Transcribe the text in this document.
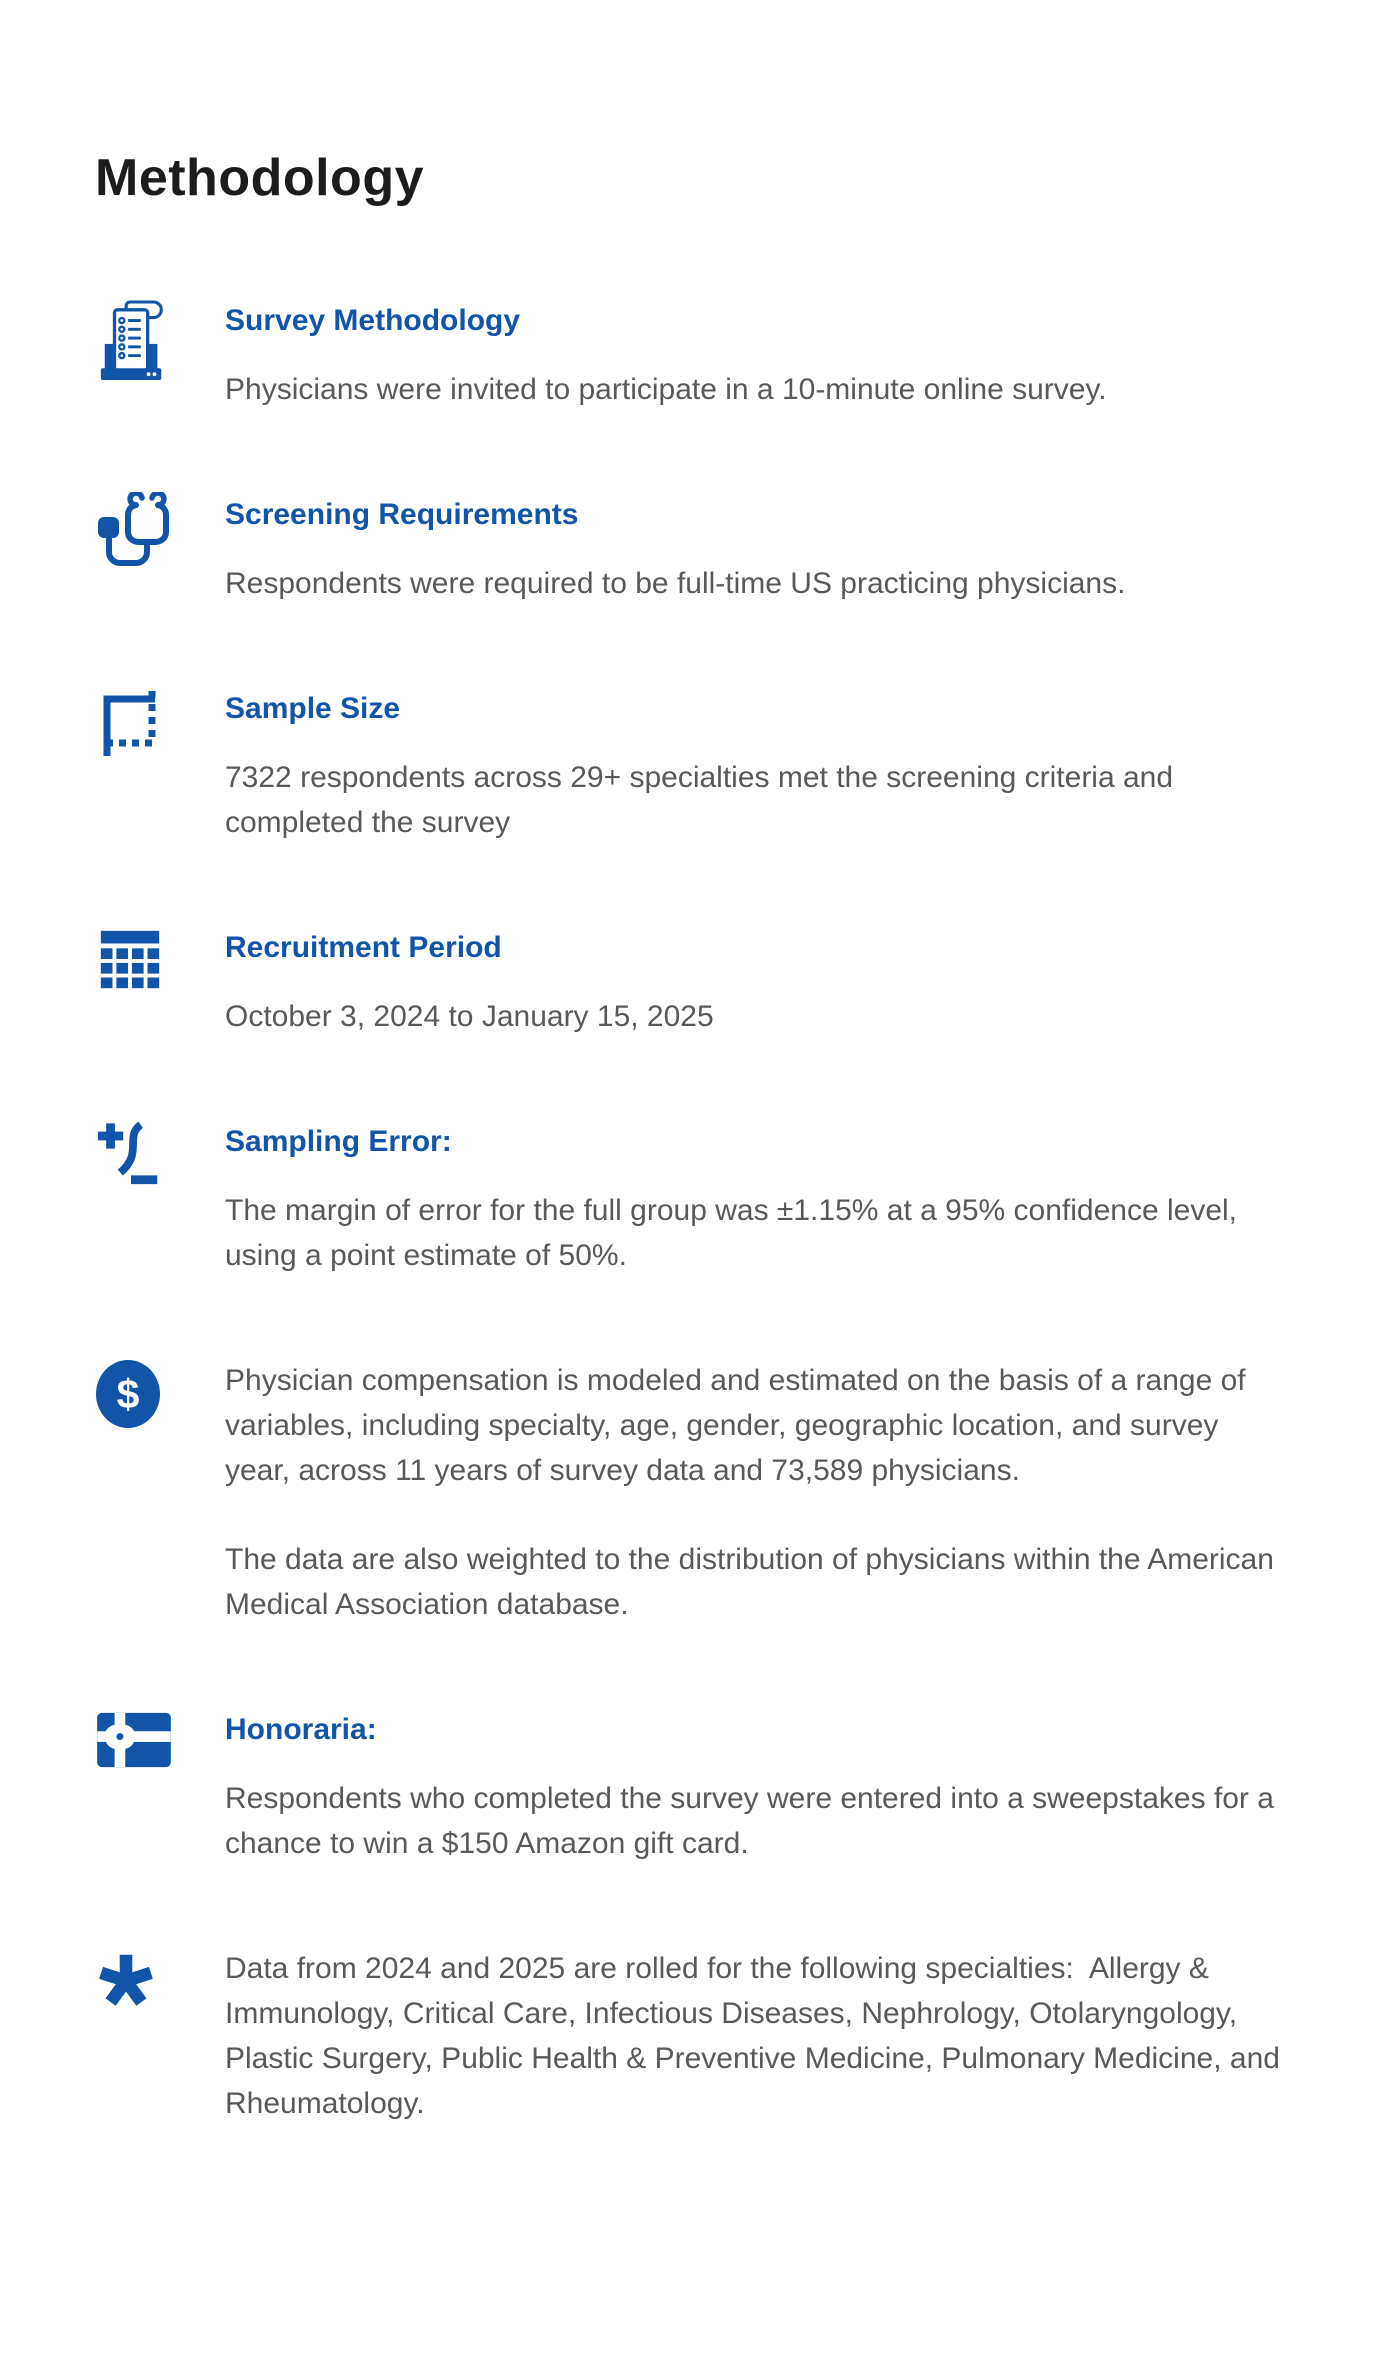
Methodology
Survey Methodology

Physicians were invited to participate in a 10-minute online survey.

Screening Requirements

Respondents were required to be full-time US practicing physicians.

Sample Size

7322 respondents across 29+ specialties met the screening criteria and completed the survey

Recruitment Period

October 3, 2024 to January 15, 2025

Sampling Error:

The margin of error for the full group was ±1.15% at a 95% confidence level, using a point estimate of 50%.

$	Physician compensation is modeled and estimated on the basis of a range of variables, including specialty, age, gender, geographic location, and survey year, across 11 years of survey data and 73,589 physicians.

The data are also weighted to the distribution of physicians within the American Medical Association database.

Honoraria:

Respondents who completed the survey were entered into a sweepstakes for a chance to win a $150 Amazon gift card.

Data from 2024 and 2025 are rolled for the following specialties:  Allergy & Immunology, Critical Care, Infectious Diseases, Nephrology, Otolaryngology, Plastic Surgery, Public Health & Preventive Medicine, Pulmonary Medicine, and Rheumatology.
